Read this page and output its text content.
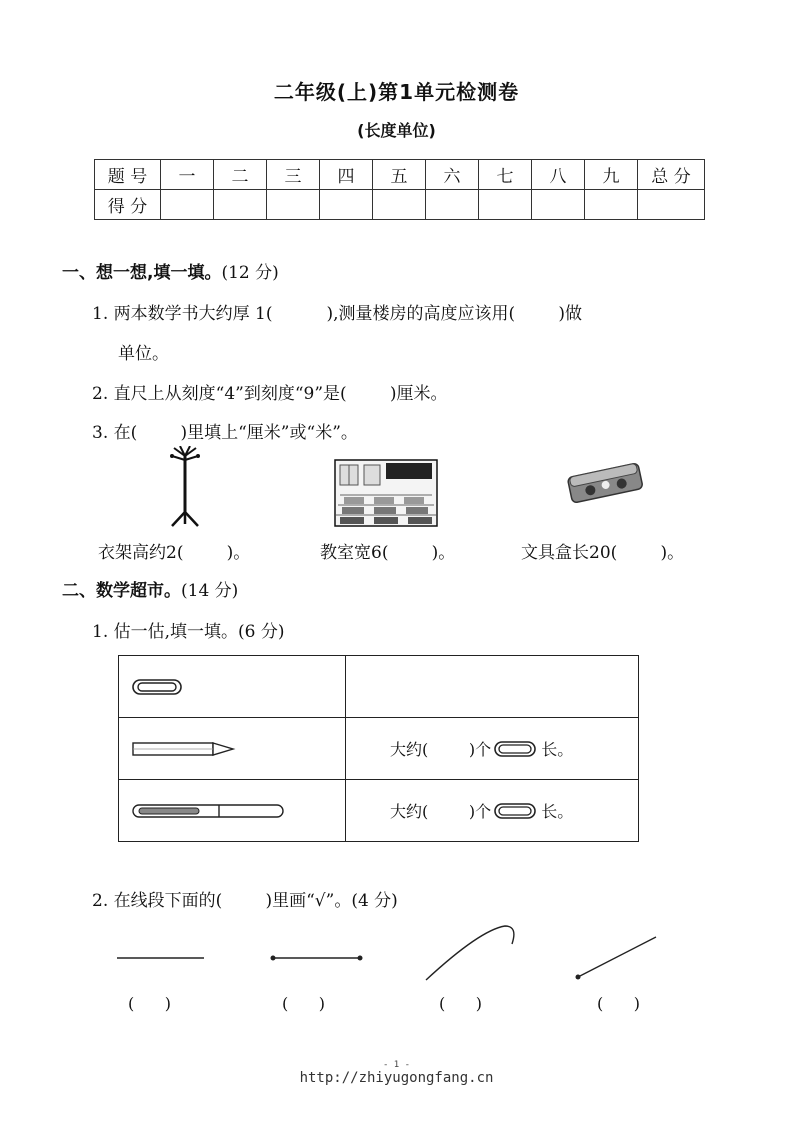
二年级(上)第1单元检测卷
(长度单位)
题 号	一	二	三	四	五	六	七	八	九	总 分
得 分										
一、想一想,填一填。(12 分)
1. 两本数学书大约厚 1(          ),测量楼房的高度应该用(        )做
单位。
2. 直尺上从刻度“4”到刻度“9”是(        )厘米。
3. 在(        )里填上“厘米”或“米”。
衣架高约2(        )。	教室宽6(        )。	文具盒长20(        )。
二、数学超市。(14 分)
1. 估一估,填一填。(6 分)

大约(        )个 长。

大约(        )个 长。
2. 在线段下面的(        )里画“√”。(4 分)
(      )	(      )	(      )	(      )
- 1 -
http://zhiyugongfang.cn
